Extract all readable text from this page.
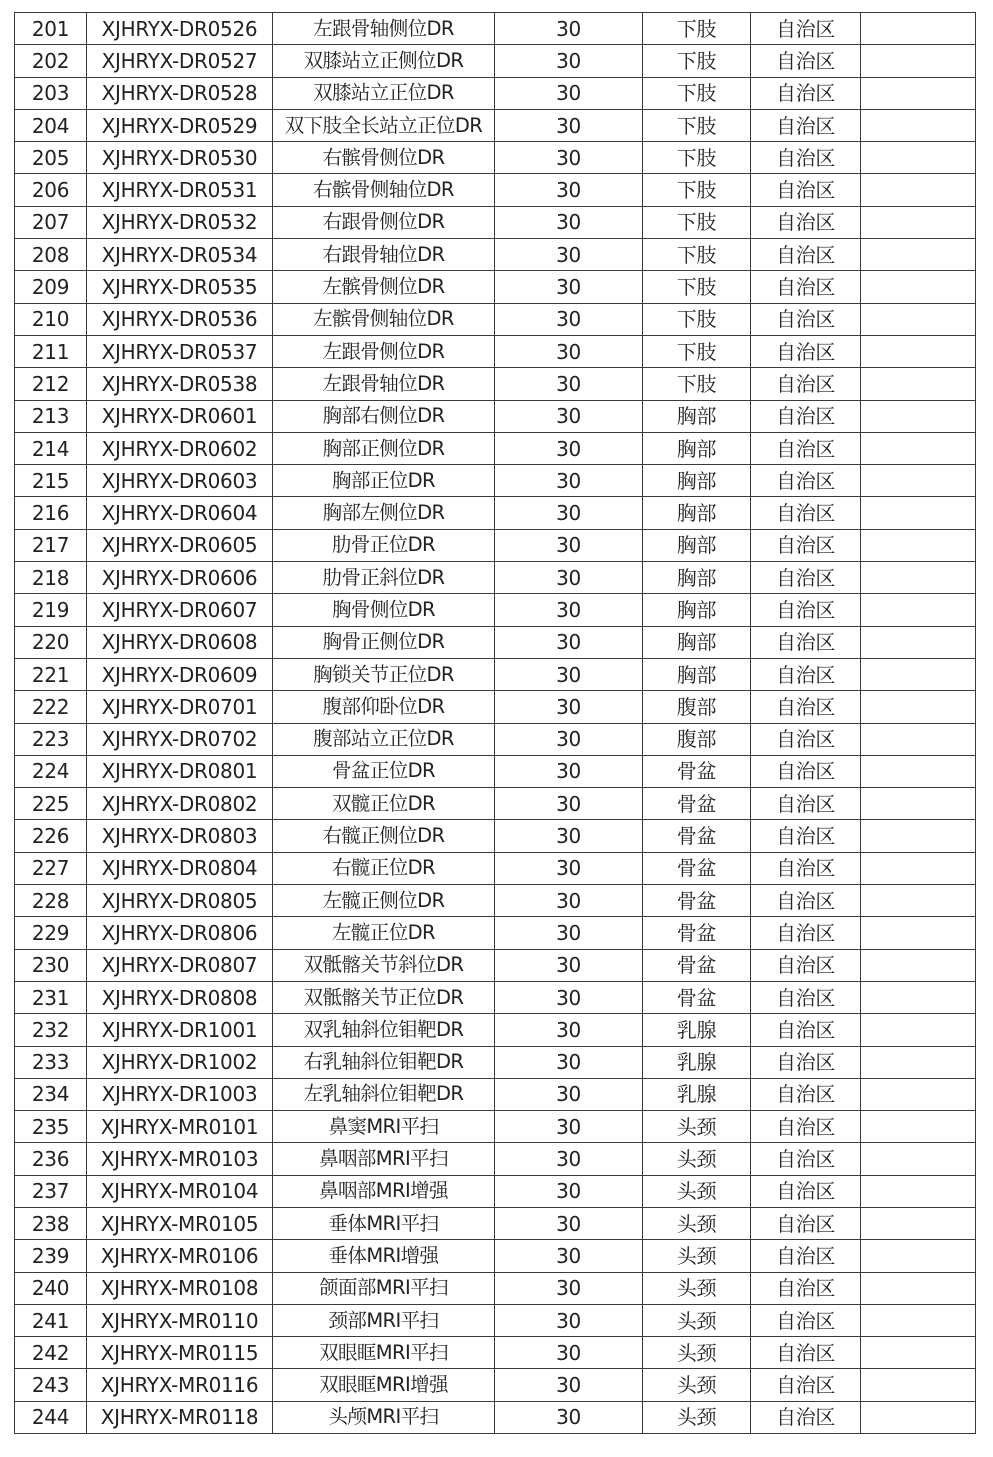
201	XJHRYX-DR0526	左跟骨轴侧位DR	30	下肢	自治区	
202	XJHRYX-DR0527	双膝站立正侧位DR	30	下肢	自治区	
203	XJHRYX-DR0528	双膝站立正位DR	30	下肢	自治区	
204	XJHRYX-DR0529	双下肢全长站立正位DR	30	下肢	自治区	
205	XJHRYX-DR0530	右髌骨侧位DR	30	下肢	自治区	
206	XJHRYX-DR0531	右髌骨侧轴位DR	30	下肢	自治区	
207	XJHRYX-DR0532	右跟骨侧位DR	30	下肢	自治区	
208	XJHRYX-DR0534	右跟骨轴位DR	30	下肢	自治区	
209	XJHRYX-DR0535	左髌骨侧位DR	30	下肢	自治区	
210	XJHRYX-DR0536	左髌骨侧轴位DR	30	下肢	自治区	
211	XJHRYX-DR0537	左跟骨侧位DR	30	下肢	自治区	
212	XJHRYX-DR0538	左跟骨轴位DR	30	下肢	自治区	
213	XJHRYX-DR0601	胸部右侧位DR	30	胸部	自治区	
214	XJHRYX-DR0602	胸部正侧位DR	30	胸部	自治区	
215	XJHRYX-DR0603	胸部正位DR	30	胸部	自治区	
216	XJHRYX-DR0604	胸部左侧位DR	30	胸部	自治区	
217	XJHRYX-DR0605	肋骨正位DR	30	胸部	自治区	
218	XJHRYX-DR0606	肋骨正斜位DR	30	胸部	自治区	
219	XJHRYX-DR0607	胸骨侧位DR	30	胸部	自治区	
220	XJHRYX-DR0608	胸骨正侧位DR	30	胸部	自治区	
221	XJHRYX-DR0609	胸锁关节正位DR	30	胸部	自治区	
222	XJHRYX-DR0701	腹部仰卧位DR	30	腹部	自治区	
223	XJHRYX-DR0702	腹部站立正位DR	30	腹部	自治区	
224	XJHRYX-DR0801	骨盆正位DR	30	骨盆	自治区	
225	XJHRYX-DR0802	双髋正位DR	30	骨盆	自治区	
226	XJHRYX-DR0803	右髋正侧位DR	30	骨盆	自治区	
227	XJHRYX-DR0804	右髋正位DR	30	骨盆	自治区	
228	XJHRYX-DR0805	左髋正侧位DR	30	骨盆	自治区	
229	XJHRYX-DR0806	左髋正位DR	30	骨盆	自治区	
230	XJHRYX-DR0807	双骶髂关节斜位DR	30	骨盆	自治区	
231	XJHRYX-DR0808	双骶髂关节正位DR	30	骨盆	自治区	
232	XJHRYX-DR1001	双乳轴斜位钼靶DR	30	乳腺	自治区	
233	XJHRYX-DR1002	右乳轴斜位钼靶DR	30	乳腺	自治区	
234	XJHRYX-DR1003	左乳轴斜位钼靶DR	30	乳腺	自治区	
235	XJHRYX-MR0101	鼻窦MRI平扫	30	头颈	自治区	
236	XJHRYX-MR0103	鼻咽部MRI平扫	30	头颈	自治区	
237	XJHRYX-MR0104	鼻咽部MRI增强	30	头颈	自治区	
238	XJHRYX-MR0105	垂体MRI平扫	30	头颈	自治区	
239	XJHRYX-MR0106	垂体MRI增强	30	头颈	自治区	
240	XJHRYX-MR0108	颌面部MRI平扫	30	头颈	自治区	
241	XJHRYX-MR0110	颈部MRI平扫	30	头颈	自治区	
242	XJHRYX-MR0115	双眼眶MRI平扫	30	头颈	自治区	
243	XJHRYX-MR0116	双眼眶MRI增强	30	头颈	自治区	
244	XJHRYX-MR0118	头颅MRI平扫	30	头颈	自治区	
